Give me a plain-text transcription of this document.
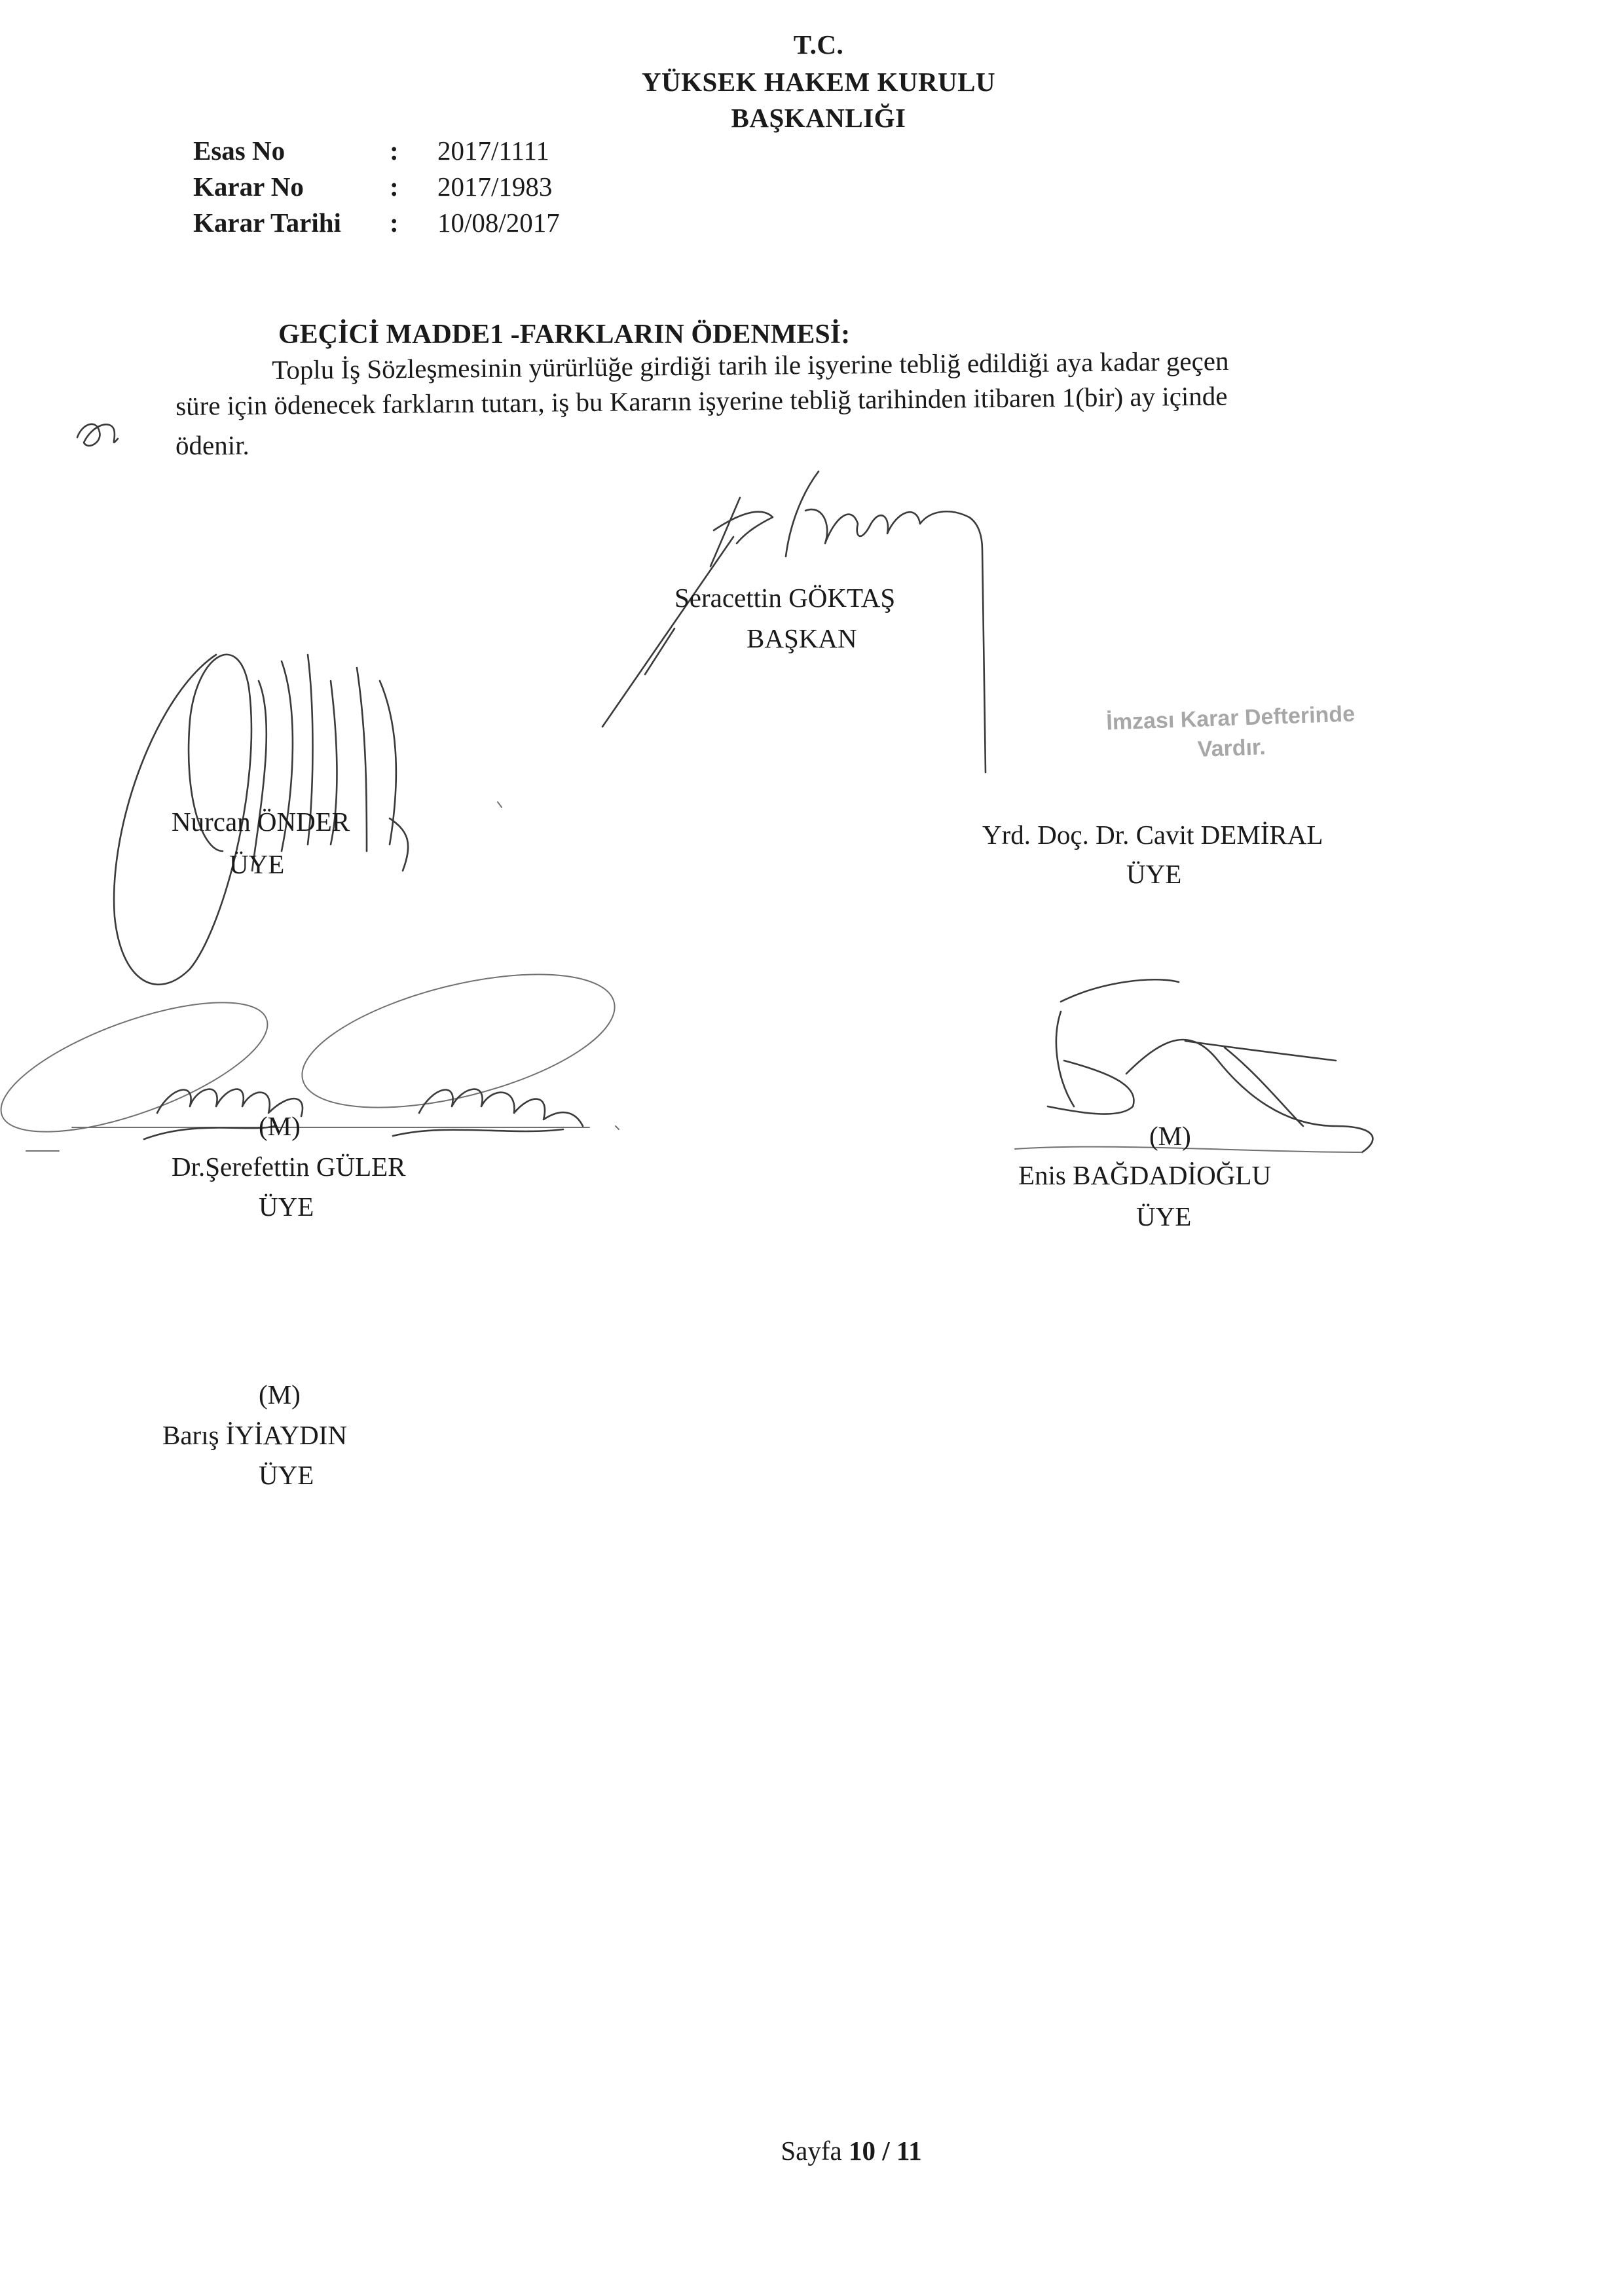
T.C.
YÜKSEK HAKEM KURULU
BAŞKANLIĞI
Esas No	: 2017/1111
Karar No	: 2017/1983
Karar Tarihi : 10/08/2017
GEÇİCİ MADDE1 -FARKLARIN ÖDENMESİ:
Toplu İş Sözleşmesinin yürürlüğe girdiği tarih ile işyerine tebliğ edildiği aya kadar geçen
süre için ödenecek farkların tutarı, iş bu Kararın işyerine tebliğ tarihinden itibaren 1(bir) ay içinde
ödenir.
Seracettin GÖKTAŞ
BAŞKAN
İmzası Karar Defterinde
Vardır.
Nurcan ÖNDER
ÜYE
Yrd. Doç. Dr. Cavit DEMİRAL
ÜYE
(M)
Dr.Şerefettin GÜLER
ÜYE
(M)
Enis BAĞDADİOĞLU
ÜYE
(M)
Barış İYİAYDIN
ÜYE
Sayfa 10 / 11
